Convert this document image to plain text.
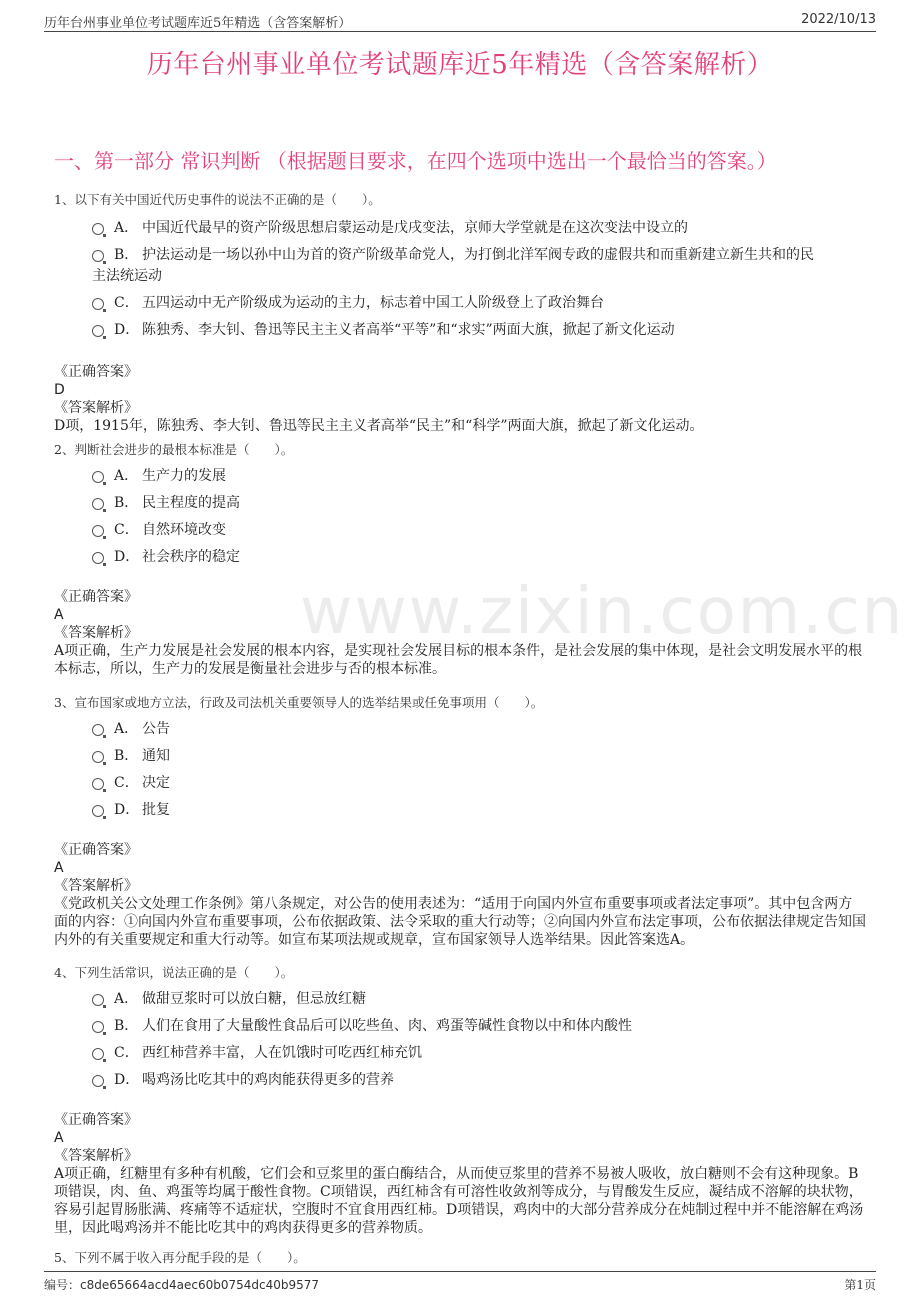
历年台州事业单位考试题库近5年精选（含答案解析）	2022/10/13
历年台州事业单位考试题库近5年精选（含答案解析）
一、第一部分 常识判断 （根据题目要求，在四个选项中选出一个最恰当的答案。）
www.zixin.com.cn

1、以下有关中国近代历史事件的说法不正确的是（　　）。

A． 中国近代最早的资产阶级思想启蒙运动是戊戌变法，京师大学堂就是在这次变法中设立的
B． 护法运动是一场以孙中山为首的资产阶级革命党人，为打倒北洋军阀专政的虚假共和而重新建立新生共和的民
主法统运动
C． 五四运动中无产阶级成为运动的主力，标志着中国工人阶级登上了政治舞台
D． 陈独秀、李大钊、鲁迅等民主主义者高举“平等”和“求实”两面大旗，掀起了新文化运动

《正确答案》

D

《答案解析》

D项，1915年，陈独秀、李大钊、鲁迅等民主主义者高举“民主”和“科学”两面大旗，掀起了新文化运动。

2、判断社会进步的最根本标准是（　　）。

A． 生产力的发展
B． 民主程度的提高
C． 自然环境改变
D． 社会秩序的稳定

《正确答案》

A

《答案解析》

A项正确，生产力发展是社会发展的根本内容，是实现社会发展目标的根本条件，是社会发展的集中体现，是社会文明发展水平的根本标志，所以，生产力的发展是衡量社会进步与否的根本标准。

3、宣布国家或地方立法，行政及司法机关重要领导人的选举结果或任免事项用（　　）。

A． 公告
B． 通知
C． 决定
D． 批复

《正确答案》

A

《答案解析》

《党政机关公文处理工作条例》第八条规定，对公告的使用表述为：“适用于向国内外宣布重要事项或者法定事项”。其中包含两方面的内容：①向国内外宣布重要事项，公布依据政策、法令采取的重大行动等；②向国内外宣布法定事项，公布依据法律规定告知国内外的有关重要规定和重大行动等。如宣布某项法规或规章，宣布国家领导人选举结果。因此答案选A。

4、下列生活常识，说法正确的是（　　）。

A． 做甜豆浆时可以放白糖，但忌放红糖
B． 人们在食用了大量酸性食品后可以吃些鱼、肉、鸡蛋等碱性食物以中和体内酸性
C． 西红柿营养丰富，人在饥饿时可吃西红柿充饥
D． 喝鸡汤比吃其中的鸡肉能获得更多的营养

《正确答案》

A

《答案解析》

A项正确，红糖里有多种有机酸，它们会和豆浆里的蛋白酶结合，从而使豆浆里的营养不易被人吸收，放白糖则不会有这种现象。B项错误，肉、鱼、鸡蛋等均属于酸性食物。C项错误，西红柿含有可溶性收敛剂等成分，与胃酸发生反应，凝结成不溶解的块状物，容易引起胃肠胀满、疼痛等不适症状，空腹时不宜食用西红柿。D项错误，鸡肉中的大部分营养成分在炖制过程中并不能溶解在鸡汤里，因此喝鸡汤并不能比吃其中的鸡肉获得更多的营养物质。

5、下列不属于收入再分配手段的是（　　）。
编号：c8de65664acd4aec60b0754dc40b9577	第1页
